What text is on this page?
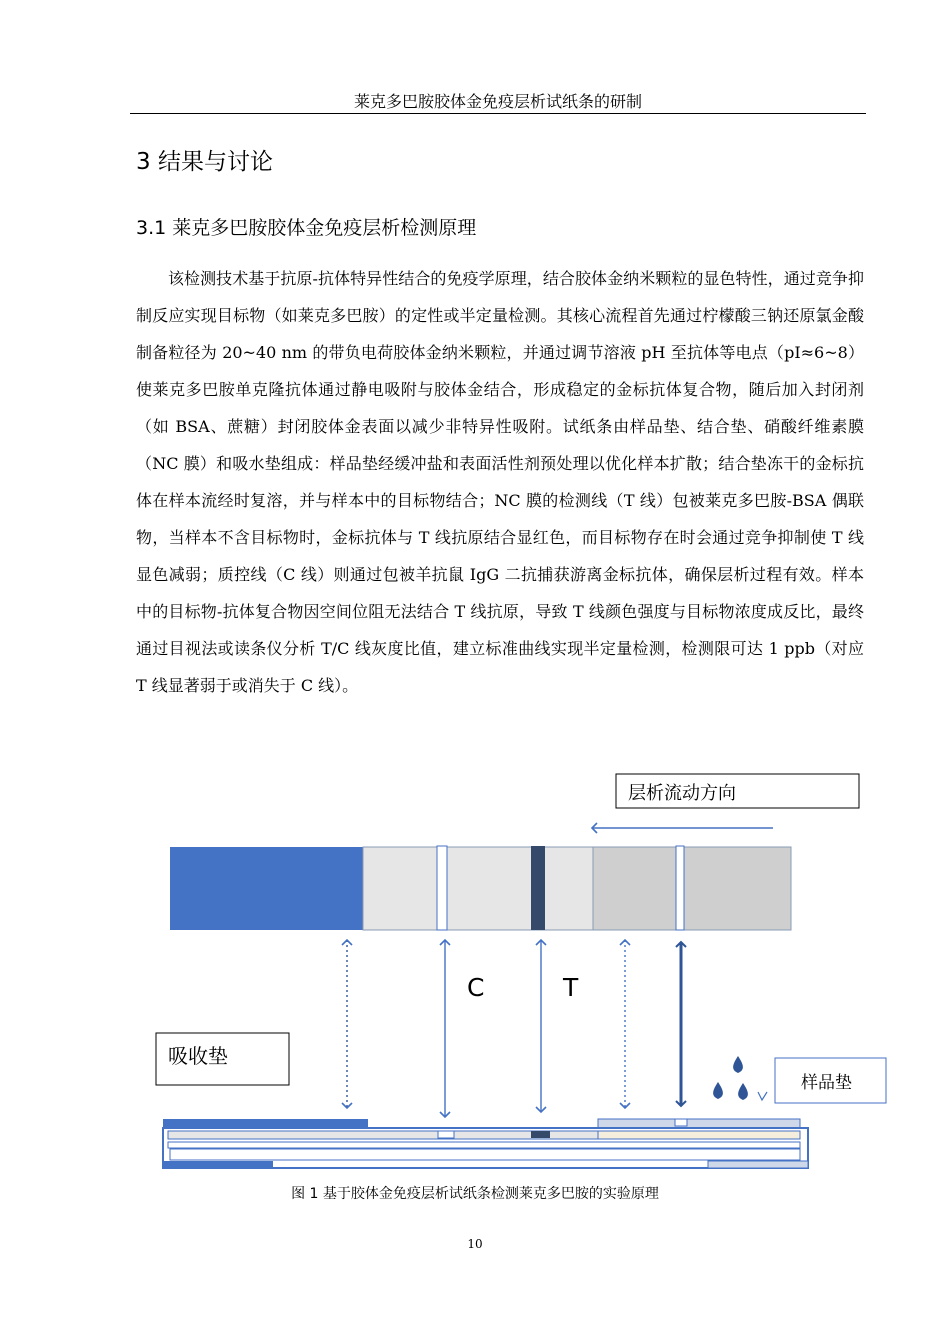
莱克多巴胺胶体金免疫层析试纸条的研制
3 结果与讨论
3.1 莱克多巴胺胶体金免疫层析检测原理

该检测技术基于抗原-抗体特异性结合的免疫学原理，结合胶体金纳米颗粒的显色特性，通过竞争抑制反应实现目标物（如莱克多巴胺）的定性或半定量检测。其核心流程首先通过柠檬酸三钠还原氯金酸制备粒径为 20~40 nm 的带负电荷胶体金纳米颗粒，并通过调节溶液 pH 至抗体等电点（pI≈6~8）使莱克多巴胺单克隆抗体通过静电吸附与胶体金结合，形成稳定的金标抗体复合物，随后加入封闭剂（如 BSA、蔗糖）封闭胶体金表面以减少非特异性吸附。试纸条由样品垫、结合垫、硝酸纤维素膜（NC 膜）和吸水垫组成：样品垫经缓冲盐和表面活性剂预处理以优化样本扩散；结合垫冻干的金标抗体在样本流经时复溶，并与样本中的目标物结合；NC 膜的检测线（T 线）包被莱克多巴胺-BSA 偶联物，当样本不含目标物时，金标抗体与 T 线抗原结合显红色，而目标物存在时会通过竞争抑制使 T 线显色减弱；质控线（C 线）则通过包被羊抗鼠 IgG 二抗捕获游离金标抗体，确保层析过程有效。样本中的目标物-抗体复合物因空间位阻无法结合 T 线抗原，导致 T 线颜色强度与目标物浓度成反比，最终通过目视法或读条仪分析 T/C 线灰度比值，建立标准曲线实现半定量检测，检测限可达 1 ppb（对应 T 线显著弱于或消失于 C 线）。

层析流动方向
C	T
吸收垫
样品垫
图 1 基于胶体金免疫层析试纸条检测莱克多巴胺的实验原理
10
